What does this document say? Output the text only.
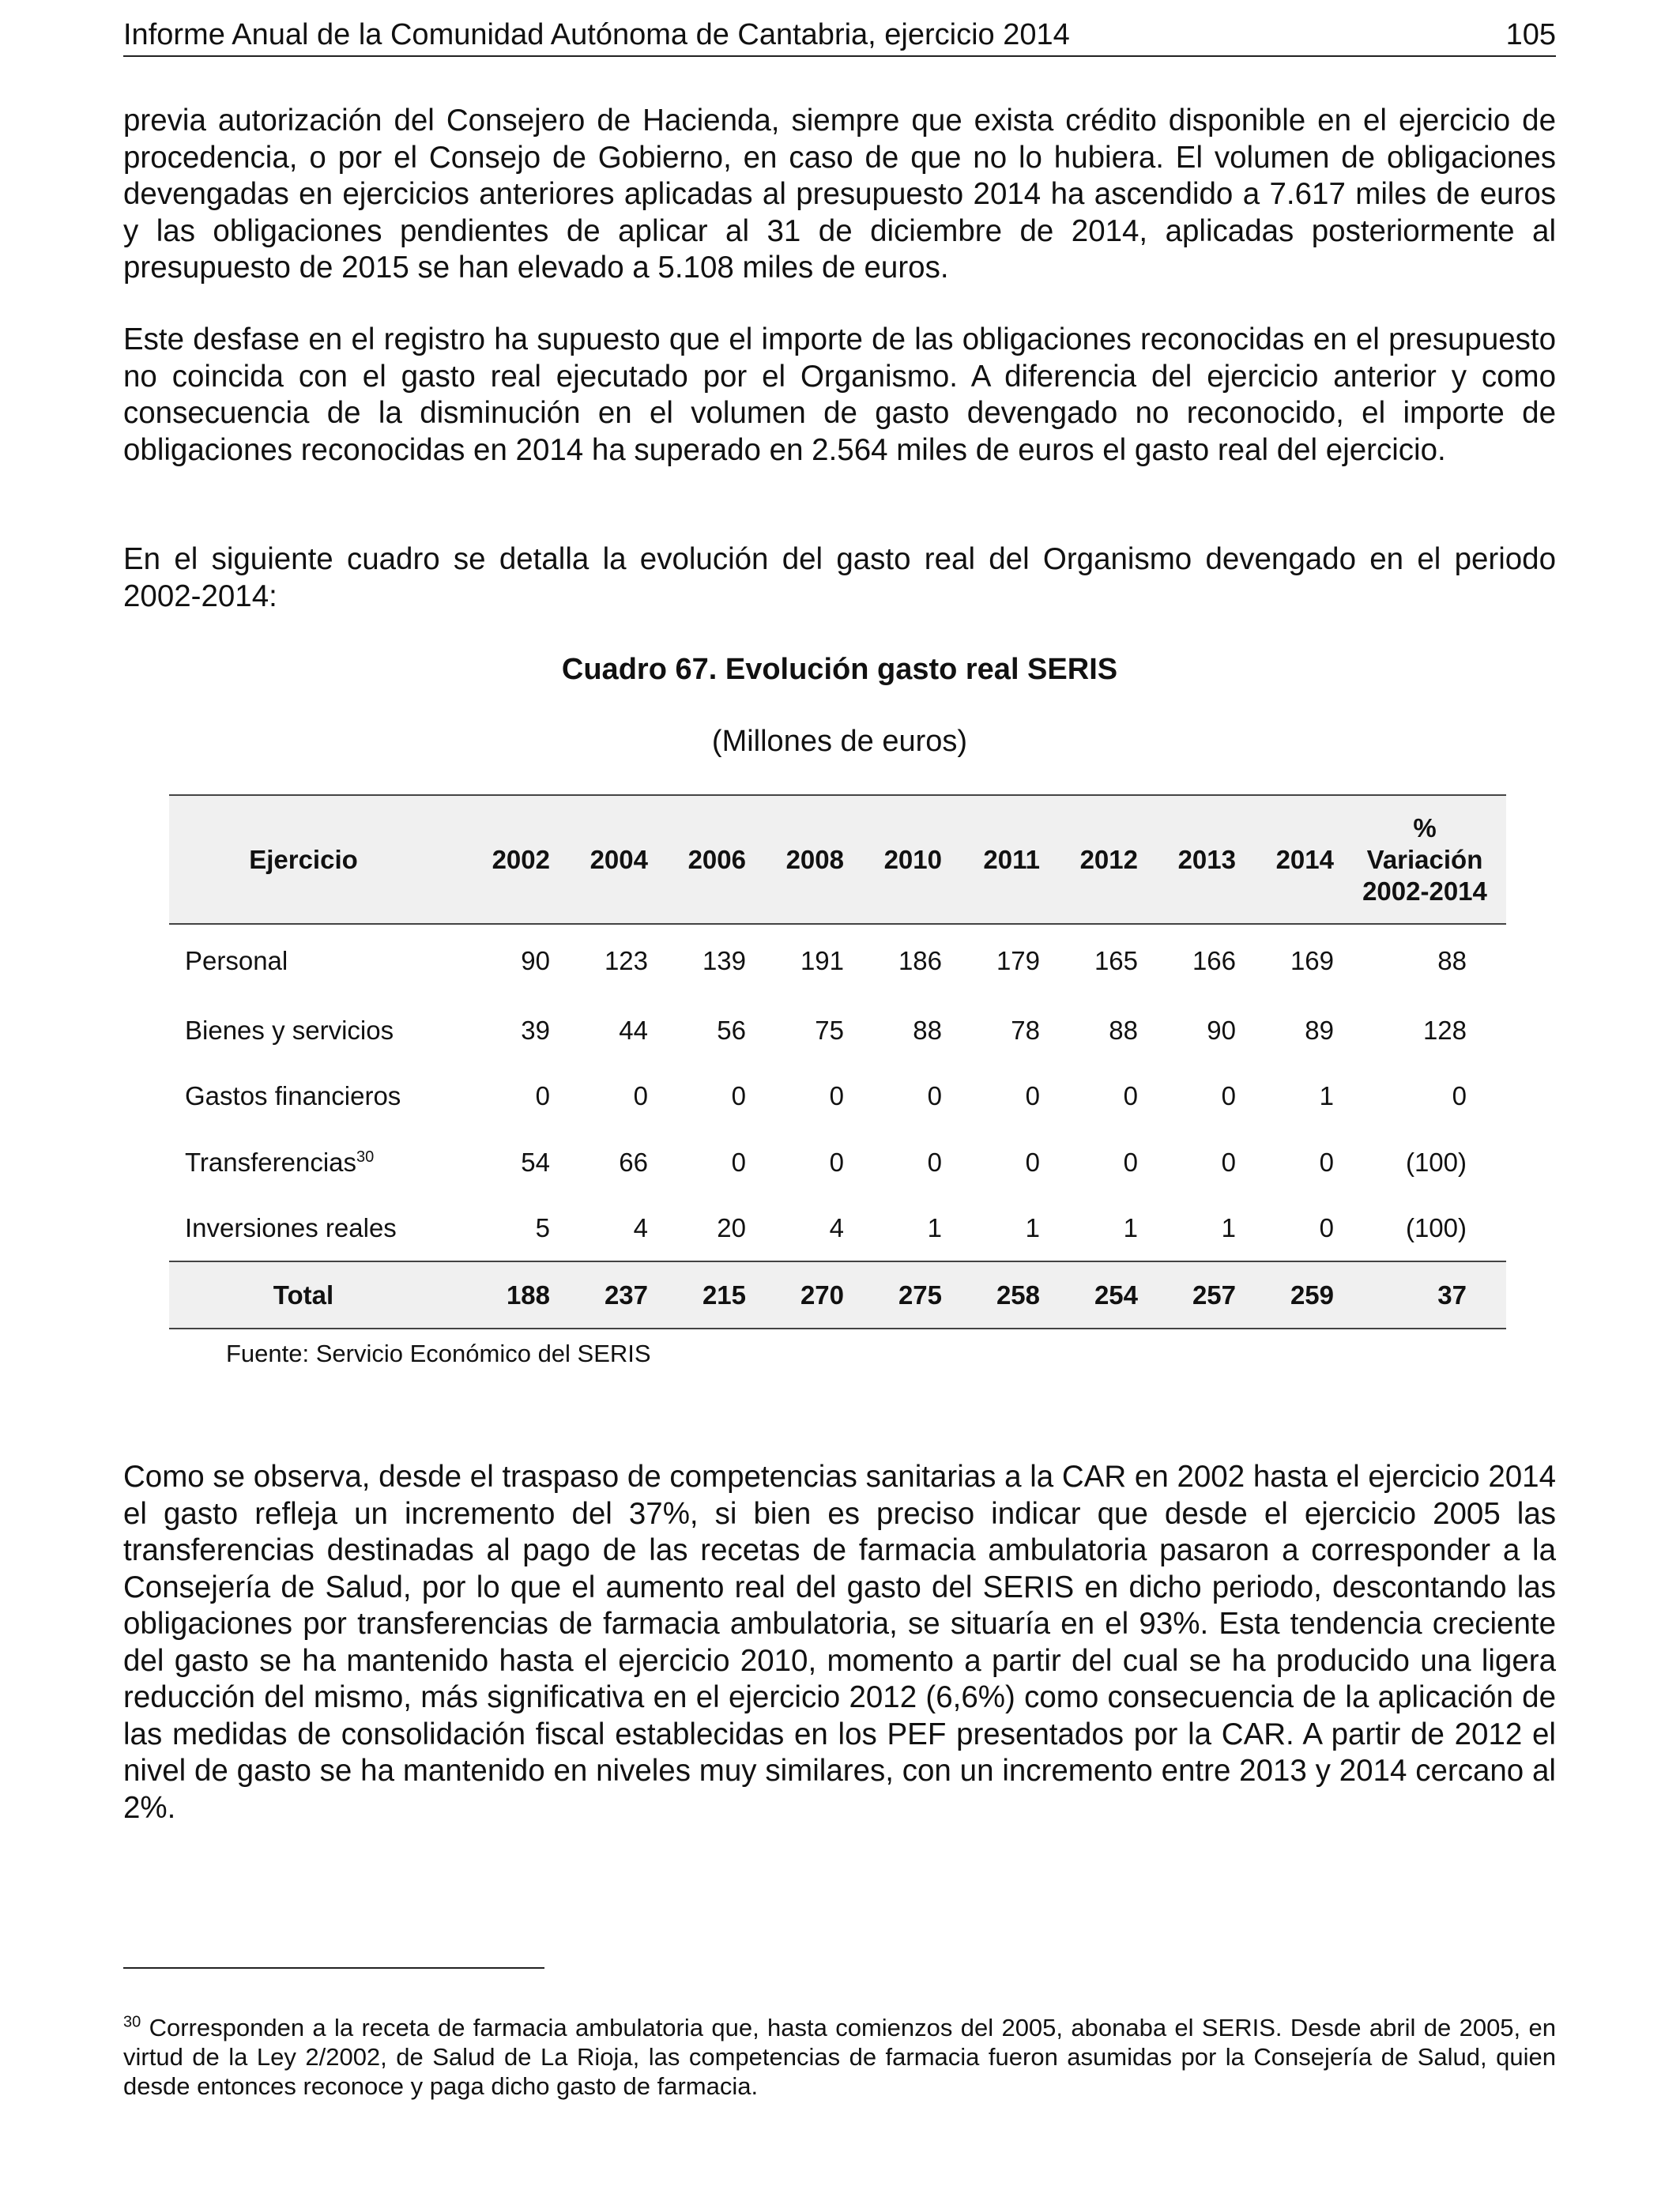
Informe Anual de la Comunidad Autónoma de Cantabria, ejercicio 2014	105

previa autorización del Consejero de Hacienda, siempre que exista crédito disponible en el ejercicio de procedencia, o por el Consejo de Gobierno, en caso de que no lo hubiera. El volumen de obligaciones devengadas en ejercicios anteriores aplicadas al presupuesto 2014 ha ascendido a 7.617 miles de euros y las obligaciones pendientes de aplicar al 31 de diciembre de 2014, aplicadas posteriormente al presupuesto de 2015 se han elevado a 5.108 miles de euros.

Este desfase en el registro ha supuesto que el importe de las obligaciones reconocidas en el presupuesto no coincida con el gasto real ejecutado por el Organismo. A diferencia del ejercicio anterior y como consecuencia de la disminución en el volumen de gasto devengado no reconocido, el importe de obligaciones reconocidas en 2014 ha superado en 2.564 miles de euros el gasto real del ejercicio.

En el siguiente cuadro se detalla la evolución del gasto real del Organismo devengado en el periodo 2002-2014:

Cuadro 67. Evolución gasto real SERIS
(Millones de euros)
Ejercicio	2002	2004	2006	2008	2010	2011	2012	2013	2014	%
Variación
2002-2014

Personal	90	123	139	191	186	179	165	166	169	88
Bienes y servicios	39	44	56	75	88	78	88	90	89	128
Gastos financieros	0	0	0	0	0	0	0	0	1	0
Transferencias$^{30}$	54	66	0	0	0	0	0	0	0	(100)
Inversiones reales	5	4	20	4	1	1	1	1	0	(100)
Total	188	237	215	270	275	258	254	257	259	37
Fuente: Servicio Económico del SERIS

Como se observa, desde el traspaso de competencias sanitarias a la CAR en 2002 hasta el ejercicio 2014 el gasto refleja un incremento del 37%, si bien es preciso indicar que desde el ejercicio 2005 las transferencias destinadas al pago de las recetas de farmacia ambulatoria pasaron a corresponder a la Consejería de Salud, por lo que el aumento real del gasto del SERIS en dicho periodo, descontando las obligaciones por transferencias de farmacia ambulatoria, se situaría en el 93%. Esta tendencia creciente del gasto se ha mantenido hasta el ejercicio 2010, momento a partir del cual se ha producido una ligera reducción del mismo, más significativa en el ejercicio 2012 (6,6%) como consecuencia de la aplicación de las medidas de consolidación fiscal establecidas en los PEF presentados por la CAR. A partir de 2012 el nivel de gasto se ha mantenido en niveles muy similares, con un incremento entre 2013 y 2014 cercano al 2%.

$^{30}$ Corresponden a la receta de farmacia ambulatoria que, hasta comienzos del 2005, abonaba el SERIS. Desde abril de 2005, en virtud de la Ley 2/2002, de Salud de La Rioja, las competencias de farmacia fueron asumidas por la Consejería de Salud, quien desde entonces reconoce y paga dicho gasto de farmacia.
